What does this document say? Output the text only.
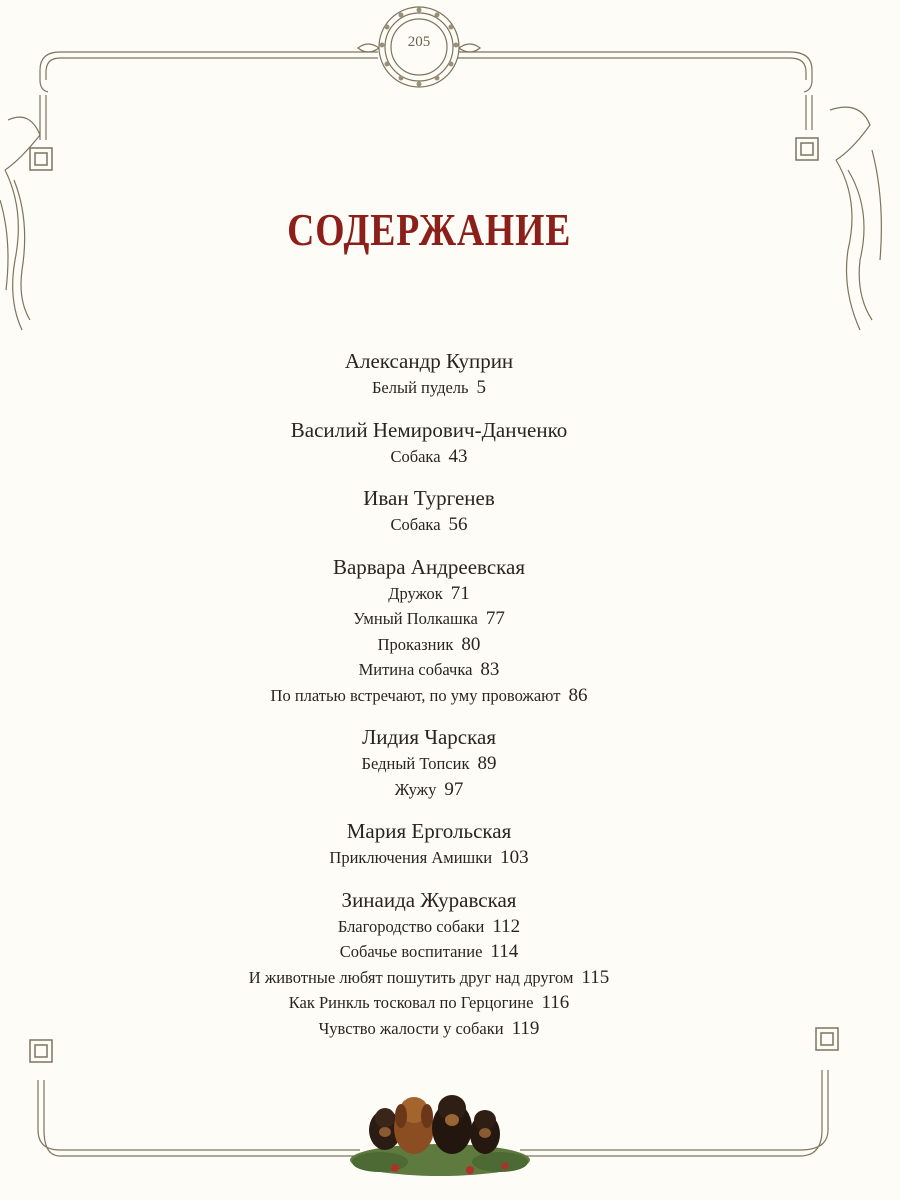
205
СОДЕРЖАНИЕ
Александр Куприн
Белый пудель 5
Василий Немирович-Данченко
Собака 43
Иван Тургенев
Собака 56
Варвара Андреевская
Дружок 71
Умный Полкашка 77
Проказник 80
Митина собачка 83
По платью встречают, по уму провожают 86
Лидия Чарская
Бедный Топсик 89
Жужу 97
Мария Ергольская
Приключения Амишки 103
Зинаида Журавская
Благородство собаки 112
Собачье воспитание 114
И животные любят пошутить друг над другом 115
Как Ринкль тосковал по Герцогине 116
Чувство жалости у собаки 119
